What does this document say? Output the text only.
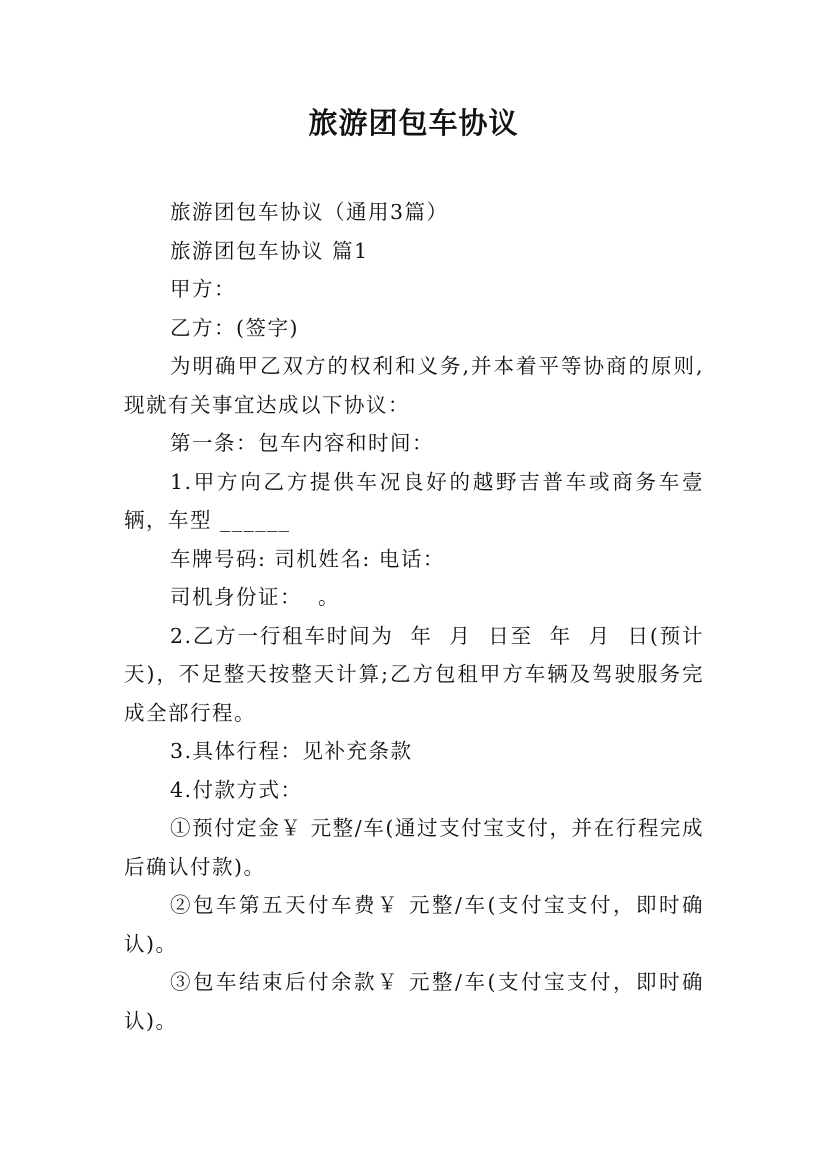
旅游团包车协议

旅游团包车协议（通用3篇）

旅游团包车协议 篇1

甲方：

乙方：(签字)

为明确甲乙双方的权利和义务,并本着平等协商的原则,现就有关事宜达成以下协议：

第一条：包车内容和时间：

1.甲方向乙方提供车况良好的越野吉普车或商务车壹辆，车型 ______

车牌号码: 司机姓名: 电话：

司机身份证：  。

2.乙方一行租车时间为  年  月  日至  年  月  日(预计天)，不足整天按整天计算;乙方包租甲方车辆及驾驶服务完成全部行程。

3.具体行程：见补充条款

4.付款方式：

①预付定金￥ 元整/车(通过支付宝支付，并在行程完成后确认付款)。

②包车第五天付车费￥ 元整/车(支付宝支付，即时确认)。

③包车结束后付余款￥ 元整/车(支付宝支付，即时确认)。
